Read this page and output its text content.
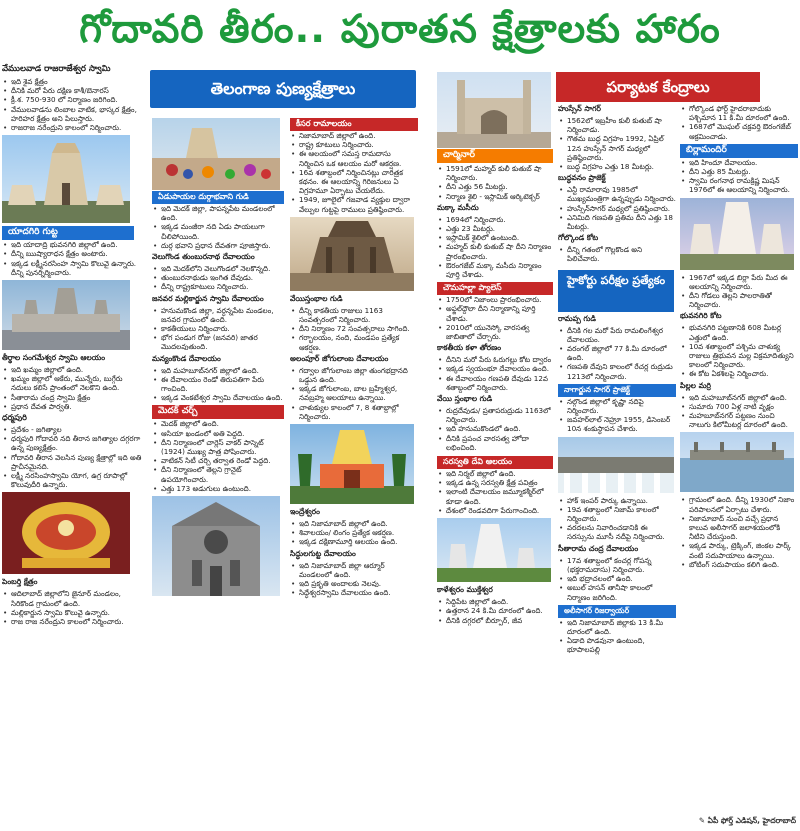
గోదావరి తీరం.. పురాతన క్షేత్రాలకు హారం
వేములవాడ రాజరాజేశ్వర స్వామి
• ఇది శైవ క్షేత్రం
• దీనికి మరో పేరు దక్షిణ కాశీ/బెనారస్
• క్రీ.శ. 750-930 లో నిర్మాణం జరిగింది.
• వేములవాడను లింబాల వాటిక, భాస్కర క్షేత్రం, హరిహర క్షేత్రం అని పిలుస్తారు.
• రాజరాజ నరేంద్రుని కాలంలో నిర్మించారు.
యాదగిరి గుట్ట
• ఇది యాదాద్రి భువనగిరి జిల్లాలో ఉంది.
• దీన్ని ఋష్యారాధన క్షేత్రం అంటారు.
• ఇక్కడ లక్ష్మీనరసింహ స్వామి కొలువై ఉన్నారు. దీన్ని పునర్నిర్మించారు.
తీర్థాల సంగమేశ్వర స్వామి ఆలయం
• ఇది ఖమ్మం జిల్లాలో ఉంది.
• ఖమ్మం జిల్లాలో ఆకేరు, మున్నేరు, బుగ్గేరు నదులు కలిసే ప్రాంతంలో నెలకొని ఉంది.
• సీతారామ చంద్ర స్వామి క్షేత్రం
• ప్రధాన దేవత పార్వతి.
ధర్మపురి
• ప్రదేశం - జగిత్యాల
• ధర్మపురి గోదావరి నది తీరాన జగిత్యాల దగ్గరగా ఉన్న పుణ్యక్షేత్రం.
• గోదావరి తీరాన వెలసిన పుణ్య క్షేత్రాల్లో ఇది అతి ప్రాచీనమైనది.
• లక్ష్మీ నరసింహస్వామి యోగ, ఉగ్ర రూపాల్లో కొలువుదీరి ఉన్నారు.
పెంబర్తి క్షేత్రం
• ఆదిలాబాద్ జిల్లాలోని జైనూర్ మండలం, సిరికొండ గ్రామంలో ఉంది.
• మల్లికార్జున స్వామి కొలువై ఉన్నారు.
• రాజ రాజ నరేంద్రుని కాలంలో నిర్మించారు.
తెలంగాణ పుణ్యక్షేత్రాలు
ఏడుపాయల దుర్గాభవాని గుడి
• ఇది మెదక్ జిల్లా, పాపన్నపేట మండలంలో ఉంది.
• ఇక్కడ మంజీరా నది ఏడు పాయలుగా చీలిపోయింది.
• దుర్గ భవాని ప్రధాన దేవతగా పూజిస్తారు.
వెలుగొండ తుంబురనాథ దేవాలయం
• ఇది మెదక్‌లోని వెలుగొండలో నెలకొన్నది.
• తుంబురనాథుడు ఇంగిత దేవుడు.
• దీన్ని రాష్ట్రకూటులు నిర్మించారు.
జనవర మల్లికార్జున స్వామి దేవాలయం
• హనుమకొండ జిల్లా, వర్ధన్నపేట మండలం, జనవర గ్రామంలో ఉంది.
• కాకతీయులు నిర్మించారు.
• భోగ పండుగ రోజు (జనవరి) జాతర మొదలవుతుంది.
మన్యంకొండ దేవాలయం
• ఇది మహబూబ్‌నగర్ జిల్లాలో ఉంది.
• ఈ దేవాలయం రెండో తిరుపతిగా పేరు గాంచింది.
• ఇక్కడ వెంకటేశ్వర స్వామి దేవాలయం ఉంది.
మెదక్ చర్చ్
• మెదక్ జిల్లాలో ఉంది.
• ఆసియా ఖండంలో అతి పెద్దది.
• దీని నిర్మాణంలో చార్లెస్ వాకర్ పాస్నెట్ (1924) ముఖ్య పాత్ర పోషించారు.
• వాటికన్ సిటీ చర్చి తర్వాత రెండో పెద్దది.
• దీని నిర్మాణంలో తెల్లని గ్రానైట్ ఉపయోగించారు.
• ఎత్తు 173 అడుగులు ఉంటుంది.
కీసర రామాలయం
• నిజామాబాద్ జిల్లాలో ఉంది.
• రాష్ట్ర కూటులు నిర్మించారు.
• ఈ ఆలయంలో సమస్త రామదాసు నిర్మించిన ఒక ఆలయం మరో ఆకర్షణ.
• 16వ శతాబ్దంలో నిర్మించినట్లు చారిత్రక కథనం. ఈ ఆలయాన్ని గిరిజనులు ఏ విగ్రహమూ ఏర్పాటు చేయలేదు.
• 1949, జూలైలో గజవాడ వ్యక్తుల ద్వారా వేల్పుల గుట్టపై రాములు ప్రతిష్ఠించారు.
వేయిస్తంభాల గుడి
• దీన్ని కాకతీయ రాజులు 1163 సంవత్సరంలో నిర్మించారు.
• దీని నిర్మాణం 72 సంవత్సరాలు సాగింది.
• గర్భాలయం, నంది, మండపం ప్రత్యేక ఆకర్షణ.
అలంపూర్ జోగులాంబ దేవాలయం
• గద్వాల జోగులాంబ జిల్లా తుంగభద్రానది ఒడ్డున ఉంది.
• ఇక్కడ జోగులాంబ, బాల బ్రహ్మేశ్వర, నవబ్రహ్మ ఆలయాలు ఉన్నాయి.
• చాళుక్యుల కాలంలో 7, 8 శతాబ్దాల్లో నిర్మించారు.
ఇంద్రేశ్వరం
• ఇది నిజామాబాద్ జిల్లాలో ఉంది.
• శివాలయం/ లింగం ప్రత్యేక ఆకర్షణ.
• ఇక్కడ దక్షిణామూర్తి ఆలయం ఉంది.
సిద్ధులగుట్ట దేవాలయం
• ఇది నిజామాబాద్ జిల్లా ఆర్మూర్ మండలంలో ఉంది.
• ఇది ప్రకృతి అందాలకు నెలవు.
• సిద్ధేశ్వరస్వామి దేవాలయం ఉంది.
పర్యాటక కేంద్రాలు
చార్మినార్
• 1591లో మహ్మద్ కులీ కుతుబ్ షా నిర్మించారు.
• దీని ఎత్తు 56 మీటర్లు.
• నిర్మాణ శైలి - ఇస్లామిక్ ఆర్కిటెక్చర్
మక్కా మసీదు
• 1694లో నిర్మించారు.
• ఎత్తు 23 మీటర్లు.
• ఇస్లామిక్ శైలిలో ఉంటుంది.
• మహ్మద్ కులీ కుతుబ్ షా దీని నిర్మాణం ప్రారంభించారు.
• ఔరంగజేబ్ మక్కా మసీదు నిర్మాణం పూర్తి చేశాడు.
చౌమహల్లా ప్యాలెస్
• 1750లో నిజాంలు ప్రారంభించారు.
• అఫ్జల్‌ద్దౌలా దీని నిర్మాణాన్ని పూర్తి చేశాడు.
• 2010లో యునెస్కో వారసత్వ జాబితాలో చేర్చారు.
కాకతీయ కళా తోరణం
• దీనిని మరో పేరు ఓరుగల్లు కోట ద్వారం
• ఇక్కడ స్వయంభూ దేవాలయం ఉంది.
• ఈ దేవాలయం గణపతి దేవుడు 12వ శతాబ్దంలో నిర్మించారు.
వేయి స్తంభాల గుడి
• రుద్రదేవుడు/ ప్రతాపరుద్రుడు 1163లో నిర్మించారు.
• ఇది హనుమకొండలో ఉంది.
• దీనికి ప్రపంచ వారసత్వ హోదా లభించింది.
సరస్వతి దేవి ఆలయం
• ఇది నిర్మల్ జిల్లాలో ఉంది.
• ఇక్కడ ఉన్న సరస్వతి క్షేత్ర పవిత్రం
• ఇలాంటి దేవాలయం జమ్మూకశ్మీర్‌లో కూడా ఉంది.
• దేశంలో రెండవదిగా పేరుగాంచింది.
కాళేశ్వరం ముక్తేశ్వర
• సిద్దిపేట జిల్లాలో ఉంది.
• ఉత్తరాన 24 కి.మీ దూరంలో ఉంది.
• దీనికి దగ్గరలో బీర్పూర్, జీవ
హుస్సేన్ సాగర్
• 1562లో ఇబ్రహీం కులీ కుతుబ్ షా నిర్మించాడు.
• గౌతమ బుద్ధ విగ్రహం 1992, ఏప్రిల్ 12న హుస్సేన్ సాగర్ మధ్యలో ప్రతిష్ఠించారు.
• బుద్ధ విగ్రహం ఎత్తు 18 మీటర్లు.
బుద్ధవనం ప్రాజెక్ట్
• ఎన్టీ రామారావు 1985లో ముఖ్యమంత్రిగా ఉన్నప్పుడు నిర్మించారు.
• హుస్సేన్‌సాగర్ మధ్యలో ప్రతిష్ఠించారు.
• ఎనిమిది గణపతి ప్రతిమ దీని ఎత్తు 18 మీటర్లు.
గోల్కొండ కోట
• దీన్ని గతంలో గొల్లకొండ అని పిలిచేవారు.
హైకోర్టు పరీక్షల ప్రత్యేకం
రామప్ప గుడి
• దీనికి గల మరో పేరు రామలింగేశ్వర దేవాలయం.
• వరంగల్ జిల్లాలో 77 కి.మీ దూరంలో ఉంది.
• గణపతి దేవుని కాలంలో రేచర్ల రుద్రుడు 1213లో నిర్మించారు.
నాగార్జున సాగర్ ప్రాజెక్ట్
• నల్గొండ జిల్లాలో కృష్ణా నదిపై నిర్మించారు.
• జవహర్‌లాల్ నెహ్రూ 1955, డిసెంబర్ 10న శంకుస్థాపన చేశారు.
• హాక్ ఇంపర్ పార్కు ఉన్నాయి.
• 19వ శతాబ్దంలో నిజామ్ కాలంలో నిర్మించారు.
• వరదలను నివారించడానికి ఈ సరస్సును మూసీ నదీపై నిర్మించారు.
సీతారామ చంద్ర దేవాలయం
• 17వ శతాబ్దంలో కంచర్ల గోపన్న (భక్తరామదాసు) నిర్మించారు.
• ఇది భద్రాచలంలో ఉంది.
• అబుల్ హసన్ తానీషా కాలంలో నిర్మాణం జరిగింది.
అలీసాగర్ రిజర్వాయర్
• ఇది నిజామాబాద్ జిల్లాకు 13 కి.మీ దూరంలో ఉంది.
• ఏడాది పొడవునా ఉంటుంది, భూపాలపల్లి
• గోల్కొండ ఫోర్ట్ హైదరాబాదుకు పశ్చిమాన 11 కి.మీ దూరంలో ఉంది.
• 1687లో మొఘల్ చక్రవర్తి ఔరంగజేబ్ ఆక్రమించాడు.
బిర్లామందిర్
• ఇది హిందూ దేవాలయం.
• దీని ఎత్తు 85 మీటర్లు.
• స్వామి రంగనాథ రామక్రిష్ణ మిషన్ 1976లో ఈ ఆలయాన్ని నిర్మించారు.
• 1967లో ఇక్కడ బిర్లా పేరు మీద ఈ ఆలయాన్ని నిర్మించారు.
• దీని గోడలు తెల్లని పాలరాతితో నిర్మించారు.
భువనగిరి కోట
• భువనగిరి పట్టణానికి 608 మీటర్ల ఎత్తులో ఉంది.
• 10వ శతాబ్దంలో పశ్చిమ చాళుక్య రాజులు త్రిభువన మల్ల విక్రమాదిత్యుని కాలంలో నిర్మించారు.
• ఈ కోట ఏకశిలపై నిర్మించారు.
పిల్లల మర్రి
• ఇది మహబూబ్‌నగర్ జిల్లాలో ఉంది.
• సుమారు 700 ఏళ్ల నాటి వృక్షం
• మహబూబ్‌నగర్ పట్టణం నుంచి నాలుగు కిలోమీటర్ల దూరంలో ఉంది.
• గ్రామంలో ఉంది. దీన్ని 1930లో నిజాం పరిపాలనలో ఏర్పాటు చేశారు.
• నిజామాబాద్ నుంచి వచ్చే ప్రధాన కాలువ అలీసాగర్ జలాశయంలోకి నీటిని చేరుస్తుంది.
• ఇక్కడ పార్కు, ట్రెక్కింగ్, జింకల పార్క్ వంటి సదుపాయాలు ఉన్నాయి.
• బోటింగ్ సదుపాయం కలిగి ఉంది.
✎ ఏపీ ఫోర్త్ ఎడిషన్, హైదరాబాద్
